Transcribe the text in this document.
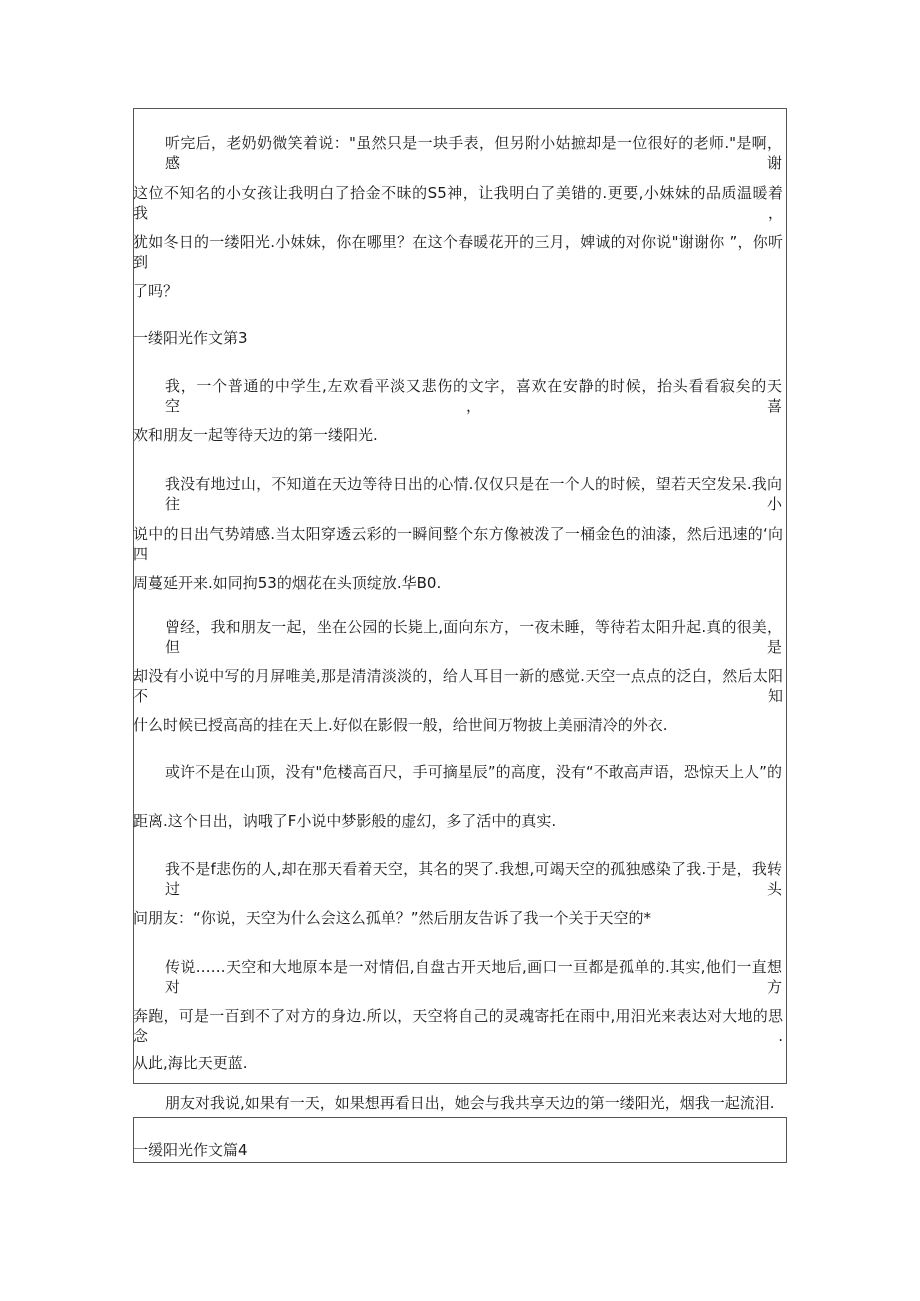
听完后，老奶奶微笑着说："虽然只是一块手表，但另附小姑摭却是一位很好的老师."是啊，感谢
这位不知名的小女孩让我明白了拾金不昧的S5神，让我明白了美错的.更要,小妹妹的品质温暖着我，
犹如冬日的一缕阳光.小妹妹，你在哪里？在这个春暖花开的三月，婢诚的对你说"谢谢你 ”，你听到
了吗？
一缕阳光作文第3
我，一个普通的中学生,左欢看平淡又悲伤的文字，喜欢在安静的时候，抬头看看寂矣的天空，喜
欢和朋友一起等待天边的第一缕阳光.
我没有地过山，不知道在天边等待日出的心情.仅仅只是在一个人的时候，望若天空发呆.我向往小
说中的日出气势靖感.当太阳穿透云彩的一瞬间整个东方像被泼了一桶金色的油漆，然后迅速的‘向四
周蔓延开来.如同拘53的烟花在头顶绽放.华B0.
曾经，我和朋友一起，坐在公园的长毙上,面向东方，一夜未睡，等待若太阳升起.真的很美，但是
却没有小说中写的月屏唯美,那是清清淡淡的，给人耳目一新的感觉.天空一点点的泛白，然后太阳不知
什么时候已授高高的挂在天上.好似在影假一般，给世间万物披上美丽清冷的外衣.
或许不是在山顶，没有"危楼高百尺，手可摘星辰”的高度，没有“不敢高声语，恐惊天上人”的
距离.这个日出，讷哦了F小说中梦影般的虚幻，多了活中的真实.
我不是f悲伤的人,却在那天看着天空，其名的哭了.我想,可竭天空的孤独感染了我.于是，我转过头
问朋友：“你说，天空为什么会这么孤单？”然后朋友告诉了我一个关于天空的*
传说……天空和大地原本是一对情侣,自盘古开天地后,画口一亘都是孤单的.其实,他们一直想对方
奔跑，可是一百到不了对方的身边.所以，天空将自己的灵魂寄托在雨中,用汨光来表达对大地的思念.
从此,海比天更蓝.
朋友对我说,如果有一天，如果想再看日出，她会与我共享天边的第一缕阳光，烟我一起流泪.
一缓阳光作文篇4
